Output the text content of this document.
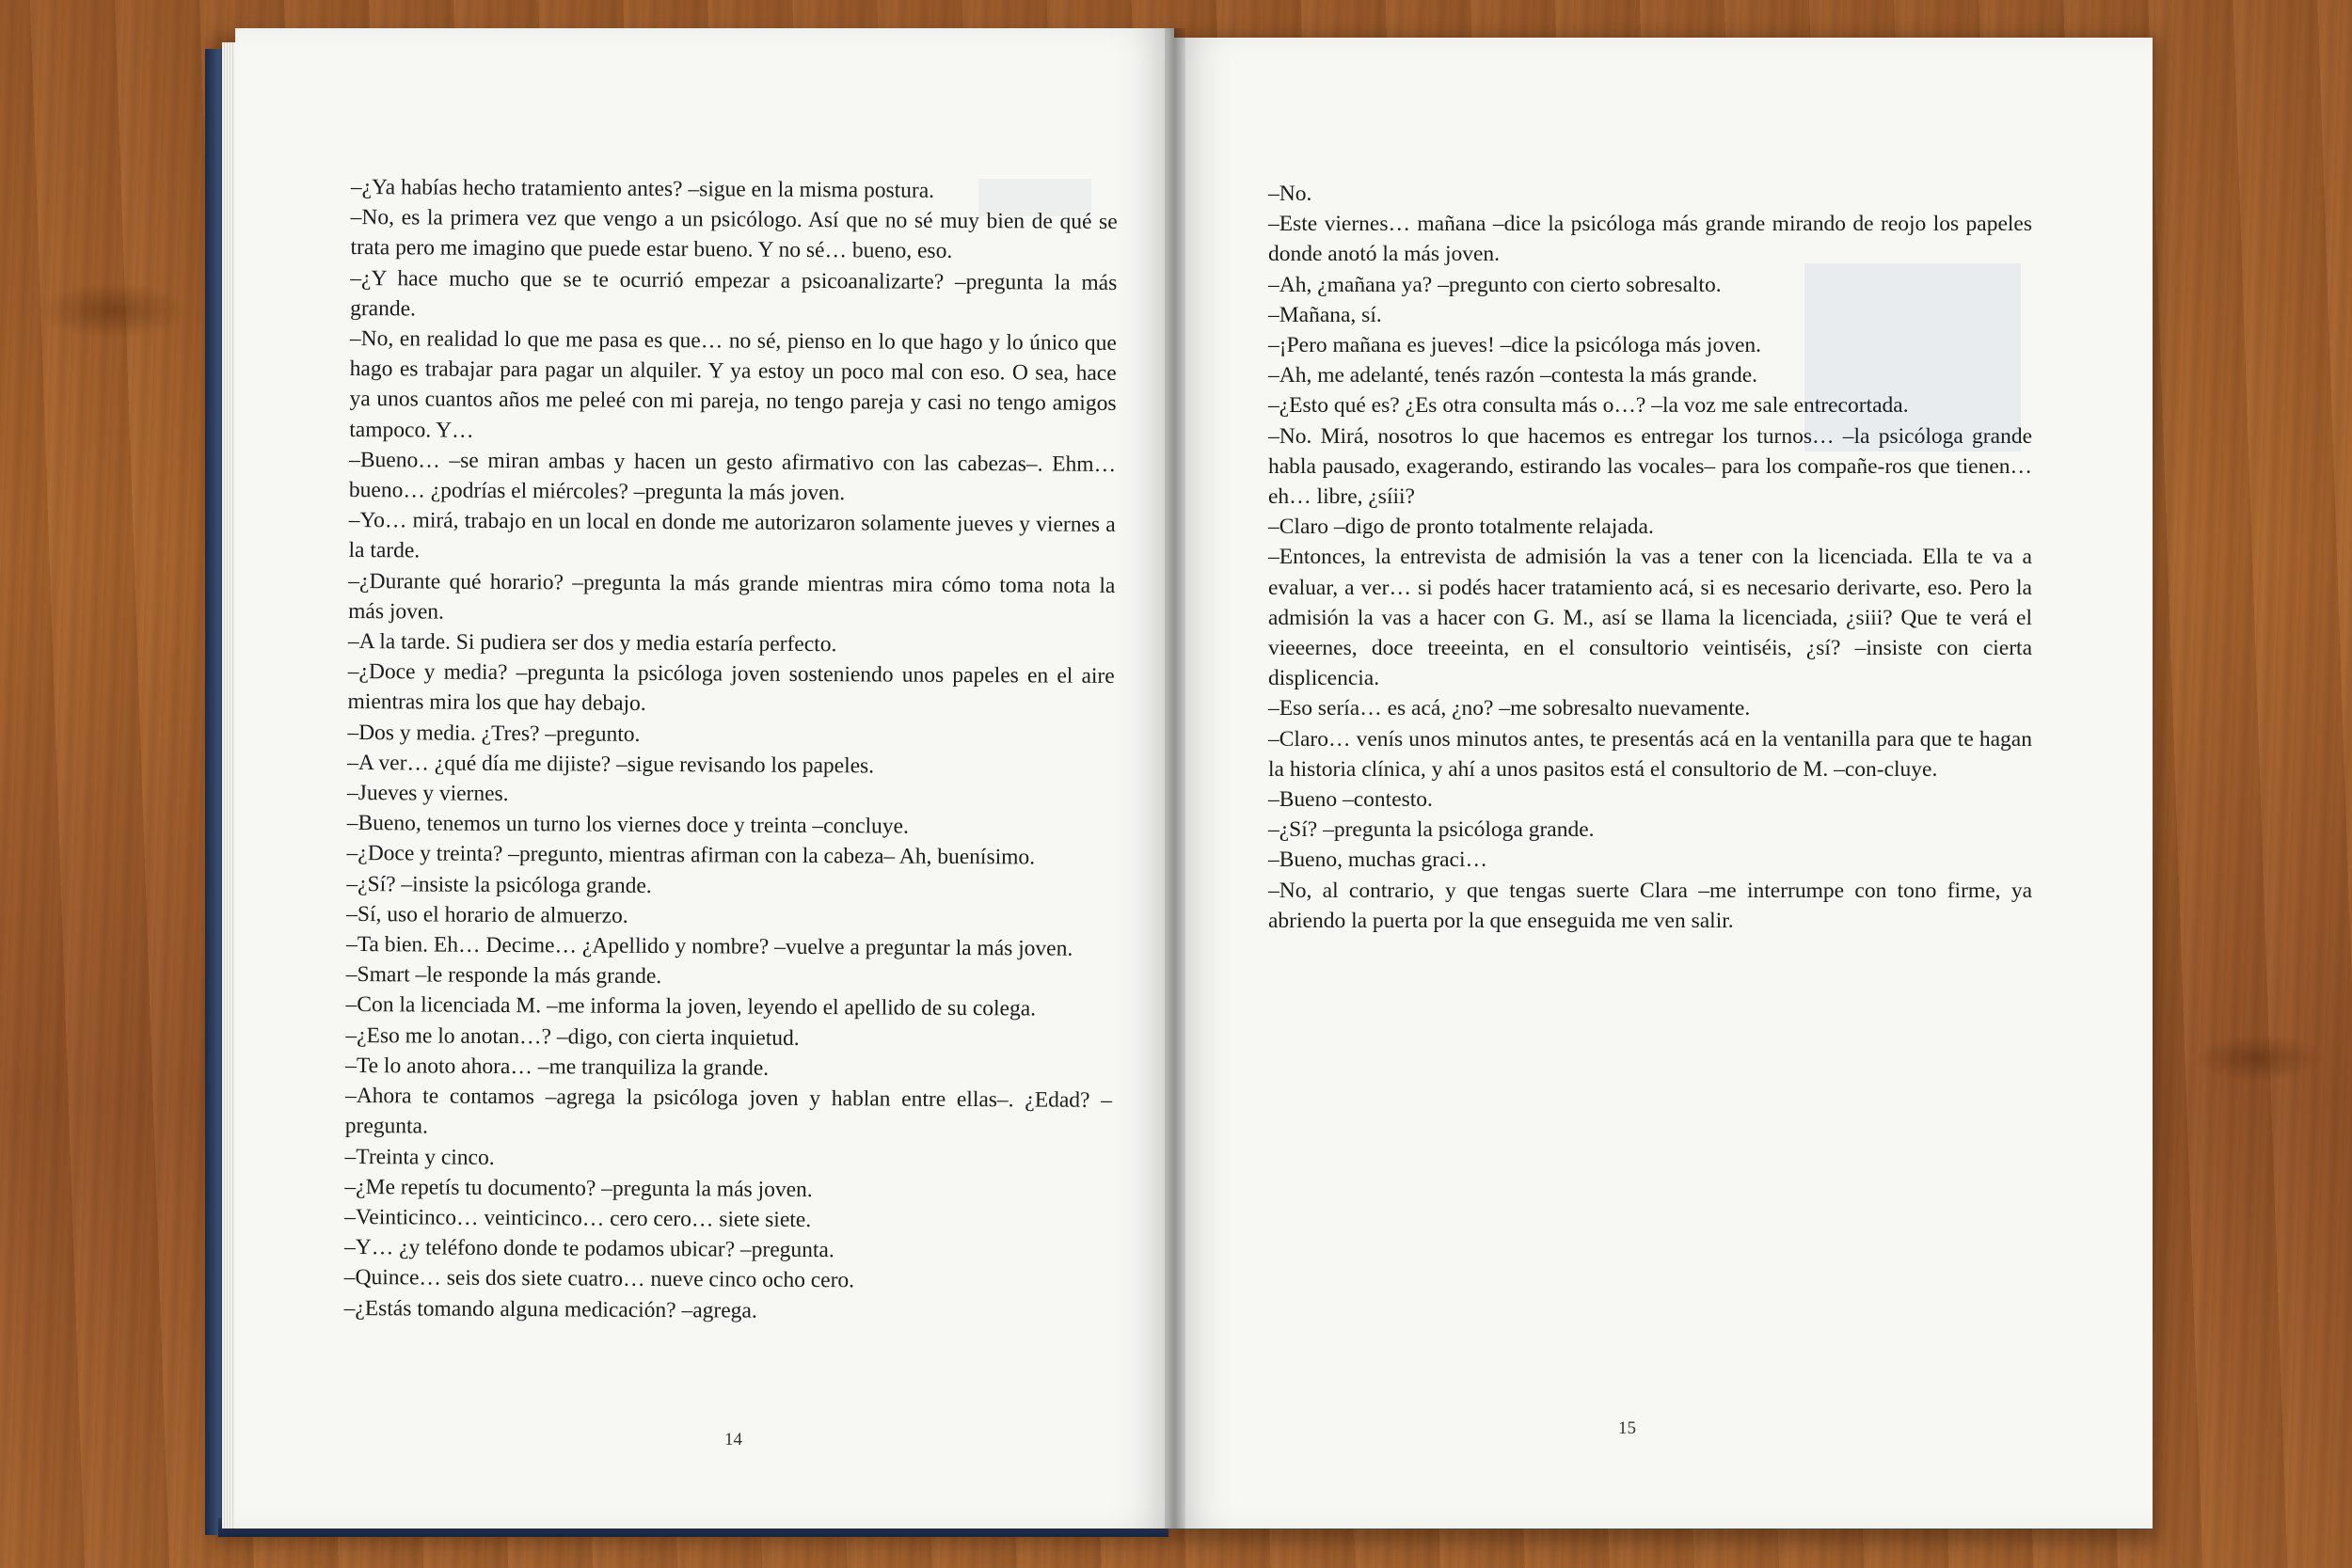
–¿Ya habías hecho tratamiento antes? –sigue en la misma postura.

–No, es la primera vez que vengo a un psicólogo. Así que no sé muy bien de qué se trata pero me imagino que puede estar bueno. Y no sé… bueno, eso.

–¿Y hace mucho que se te ocurrió empezar a psicoanalizarte? –pregunta la más grande.

–No, en realidad lo que me pasa es que… no sé, pienso en lo que hago y lo único que hago es trabajar para pagar un alquiler. Y ya estoy un poco mal con eso. O sea, hace ya unos cuantos años me peleé con mi pareja, no tengo pareja y casi no tengo amigos tampoco. Y…

–Bueno… –se miran ambas y hacen un gesto afirmativo con las cabezas–. Ehm… bueno… ¿podrías el miércoles? –pregunta la más joven.

–Yo… mirá, trabajo en un local en donde me autorizaron solamente jueves y viernes a la tarde.

–¿Durante qué horario? –pregunta la más grande mientras mira cómo toma nota la más joven.

–A la tarde. Si pudiera ser dos y media estaría perfecto.

–¿Doce y media? –pregunta la psicóloga joven sosteniendo unos papeles en el aire mientras mira los que hay debajo.

–Dos y media. ¿Tres? –pregunto.

–A ver… ¿qué día me dijiste? –sigue revisando los papeles.

–Jueves y viernes.

–Bueno, tenemos un turno los viernes doce y treinta –concluye.

–¿Doce y treinta? –pregunto, mientras afirman con la cabeza– Ah, buenísimo.

–¿Sí? –insiste la psicóloga grande.

–Sí, uso el horario de almuerzo.

–Ta bien. Eh… Decime… ¿Apellido y nombre? –vuelve a preguntar la más joven.

–Smart –le responde la más grande.

–Con la licenciada M. –me informa la joven, leyendo el apellido de su colega.

–¿Eso me lo anotan…? –digo, con cierta inquietud.

–Te lo anoto ahora… –me tranquiliza la grande.

–Ahora te contamos –agrega la psicóloga joven y hablan entre ellas–. ¿Edad? –pregunta.

–Treinta y cinco.

–¿Me repetís tu documento? –pregunta la más joven.

–Veinticinco… veinticinco… cero cero… siete siete.

–Y… ¿y teléfono donde te podamos ubicar? –pregunta.

–Quince… seis dos siete cuatro… nueve cinco ocho cero.

–¿Estás tomando alguna medicación? –agrega.

14

–No.

–Este viernes… mañana –dice la psicóloga más grande mirando de reojo los papeles donde anotó la más joven.

–Ah, ¿mañana ya? –pregunto con cierto sobresalto.

–Mañana, sí.

–¡Pero mañana es jueves! –dice la psicóloga más joven.

–Ah, me adelanté, tenés razón –contesta la más grande.

–¿Esto qué es? ¿Es otra consulta más o…? –la voz me sale entrecortada.

–No. Mirá, nosotros lo que hacemos es entregar los turnos… –la psicóloga grande habla pausado, exagerando, estirando las vocales– para los compañe-ros que tienen… eh… libre, ¿síii?

–Claro –digo de pronto totalmente relajada.

–Entonces, la entrevista de admisión la vas a tener con la licenciada. Ella te va a evaluar, a ver… si podés hacer tratamiento acá, si es necesario derivarte, eso. Pero la admisión la vas a hacer con G. M., así se llama la licenciada, ¿siii? Que te verá el vieeernes, doce treeeinta, en el consultorio veintiséis, ¿sí? –insiste con cierta displicencia.

–Eso sería… es acá, ¿no? –me sobresalto nuevamente.

–Claro… venís unos minutos antes, te presentás acá en la ventanilla para que te hagan la historia clínica, y ahí a unos pasitos está el consultorio de M. –con-cluye.

–Bueno –contesto.

–¿Sí? –pregunta la psicóloga grande.

–Bueno, muchas graci…

–No, al contrario, y que tengas suerte Clara –me interrumpe con tono firme, ya abriendo la puerta por la que enseguida me ven salir.

15
